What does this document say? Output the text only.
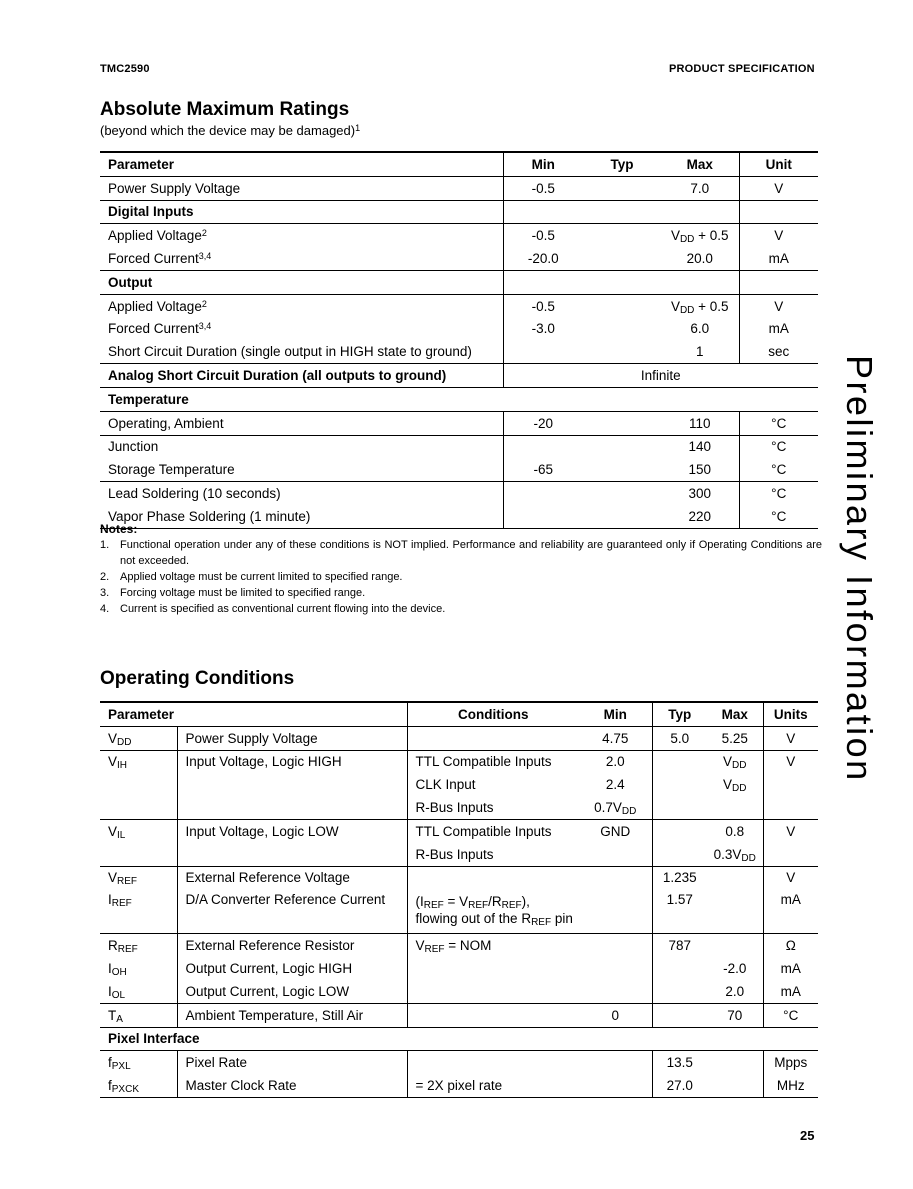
TMC2590	PRODUCT SPECIFICATION
Absolute Maximum Ratings
(beyond which the device may be damaged)$^1$
Parameter	Min	Typ	Max	Unit
Power Supply Voltage	-0.5		7.0	V
Digital Inputs				
Applied Voltage$^2$	-0.5		$V_{DD} + 0.5$	V
Forced Current$^{3,4}$	-20.0		20.0	mA
Output				
Applied Voltage$^2$	-0.5		$V_{DD} + 0.5$	V
Forced Current$^{3,4}$	-3.0		6.0	mA
Short Circuit Duration (single output in HIGH state to ground)			1	sec
Analog Short Circuit Duration (all outputs to ground)	Infinite			
Temperature				
Operating, Ambient	-20		110	°C
Junction			140	°C
Storage Temperature	-65		150	°C
Lead Soldering (10 seconds)			300	°C
Vapor Phase Soldering (1 minute)			220	°C
Notes:
1. Functional operation under any of these conditions is NOT implied. Performance and reliability are guaranteed only if Operating Conditions are not exceeded.
2. Applied voltage must be current limited to specified range.
3. Forcing voltage must be limited to specified range.
4. Current is specified as conventional current flowing into the device.
Operating Conditions
Parameter		Conditions	Min	Typ	Max	Units
$V_{DD}$	Power Supply Voltage		4.75	5.0	5.25	V
$V_{IH}$	Input Voltage, Logic HIGH	TTL Compatible Inputs	2.0		$V_{DD}$	V
		CLK Input	2.4		$V_{DD}$	
		R-Bus Inputs	$0.7V_{DD}$			
$V_{IL}$	Input Voltage, Logic LOW	TTL Compatible Inputs	GND		0.8	V
		R-Bus Inputs			$0.3V_{DD}$	
$V_{REF}$	External Reference Voltage			1.235		V
$I_{REF}$	D/A Converter Reference Current	$(I_{REF} = V_{REF}/R_{REF})$,
flowing out of the $R_{REF}$ pin		1.57		mA
$R_{REF}$	External Reference Resistor	$V_{REF}$ = NOM		787		Ω
$I_{OH}$	Output Current, Logic HIGH				-2.0	mA
$I_{OL}$	Output Current, Logic LOW				2.0	mA
$T_A$	Ambient Temperature, Still Air		0		70	°C
Pixel Interface						
$f_{PXL}$	Pixel Rate			13.5		Mpps
$f_{PXCK}$	Master Clock Rate	= 2X pixel rate		27.0		MHz
Preliminary Information
25
